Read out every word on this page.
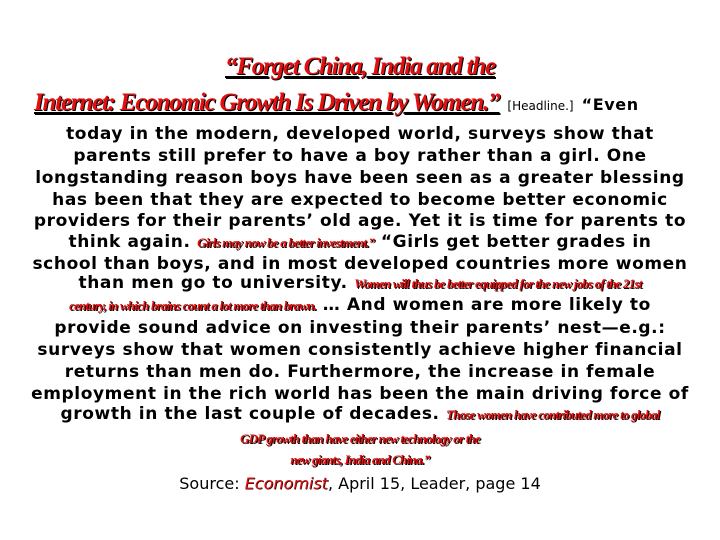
“Forget China, India and the
Internet: Economic Growth Is Driven by Women.” [Headline.] “Even
today in the modern, developed world, surveys show that
parents still prefer to have a boy rather than a girl. One
longstanding reason boys have been seen as a greater blessing
has been that they are expected to become better economic
providers for their parents’ old age. Yet it is time for parents to
think again. Girls may now be a better investment.” “Girls get better grades in
school than boys, and in most developed countries more women
than men go to university. Women will thus be better equipped for the new jobs of the 21st
century, in which brains count a lot more than brawn. … And women are more likely to
provide sound advice on investing their parents’ nest—e.g.:
surveys show that women consistently achieve higher financial
returns than men do. Furthermore, the increase in female
employment in the rich world has been the main driving force of
growth in the last couple of decades. Those women have contributed more to global
GDP growth than have either new technology or the
new giants, India and China.”
Source: Economist, April 15, Leader, page 14
